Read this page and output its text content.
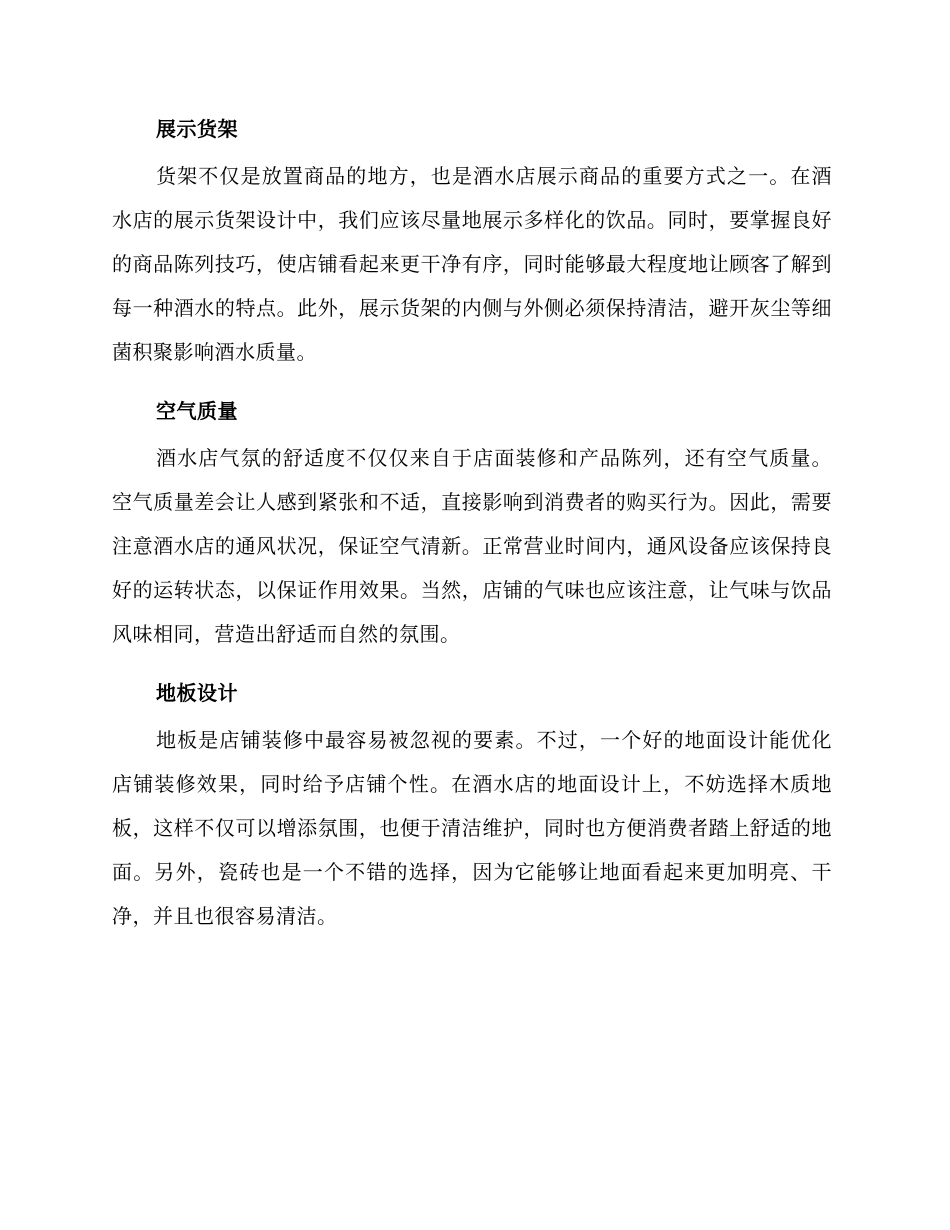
展示货架

货架不仅是放置商品的地方，也是酒水店展示商品的重要方式之一。在酒水店的展示货架设计中，我们应该尽量地展示多样化的饮品。同时，要掌握良好的商品陈列技巧，使店铺看起来更干净有序，同时能够最大程度地让顾客了解到每一种酒水的特点。此外，展示货架的内侧与外侧必须保持清洁，避开灰尘等细菌积聚影响酒水质量。

空气质量

酒水店气氛的舒适度不仅仅来自于店面装修和产品陈列，还有空气质量。空气质量差会让人感到紧张和不适，直接影响到消费者的购买行为。因此，需要注意酒水店的通风状况，保证空气清新。正常营业时间内，通风设备应该保持良好的运转状态，以保证作用效果。当然，店铺的气味也应该注意，让气味与饮品风味相同，营造出舒适而自然的氛围。

地板设计

地板是店铺装修中最容易被忽视的要素。不过，一个好的地面设计能优化店铺装修效果，同时给予店铺个性。在酒水店的地面设计上，不妨选择木质地板，这样不仅可以增添氛围，也便于清洁维护，同时也方便消费者踏上舒适的地面。另外，瓷砖也是一个不错的选择，因为它能够让地面看起来更加明亮、干净，并且也很容易清洁。
